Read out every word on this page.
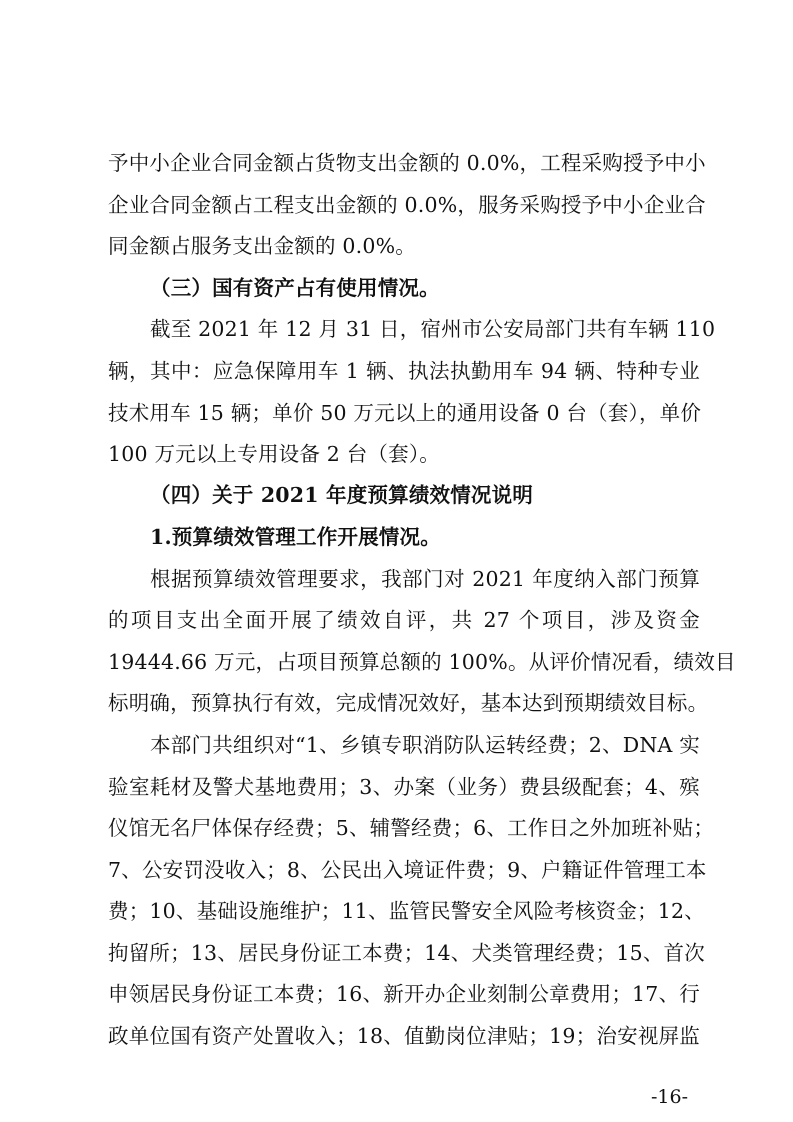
予中小企业合同金额占货物支出金额的 0.0%，工程采购授予中小
企业合同金额占工程支出金额的 0.0%，服务采购授予中小企业合
同金额占服务支出金额的 0.0%。
（三）国有资产占有使用情况。
截至 2021 年 12 月 31 日，宿州市公安局部门共有车辆 110
辆，其中：应急保障用车 1 辆、执法执勤用车 94 辆、特种专业
技术用车 15 辆；单价 50 万元以上的通用设备 0 台（套），单价
100 万元以上专用设备 2 台（套）。
（四）关于 2021 年度预算绩效情况说明
1.预算绩效管理工作开展情况。
根据预算绩效管理要求，我部门对 2021 年度纳入部门预算
的项目支出全面开展了绩效自评，共 27 个项目，涉及资金
19444.66 万元，占项目预算总额的 100%。从评价情况看，绩效目
标明确，预算执行有效，完成情况效好，基本达到预期绩效目标。
本部门共组织对“1、乡镇专职消防队运转经费；2、DNA 实
验室耗材及警犬基地费用；3、办案（业务）费县级配套；4、殡
仪馆无名尸体保存经费；5、辅警经费；6、工作日之外加班补贴；
7、公安罚没收入；8、公民出入境证件费；9、户籍证件管理工本
费；10、基础设施维护；11、监管民警安全风险考核资金；12、
拘留所；13、居民身份证工本费；14、犬类管理经费；15、首次
申领居民身份证工本费；16、新开办企业刻制公章费用；17、行
政单位国有资产处置收入；18、值勤岗位津贴；19；治安视屏监
-16-
